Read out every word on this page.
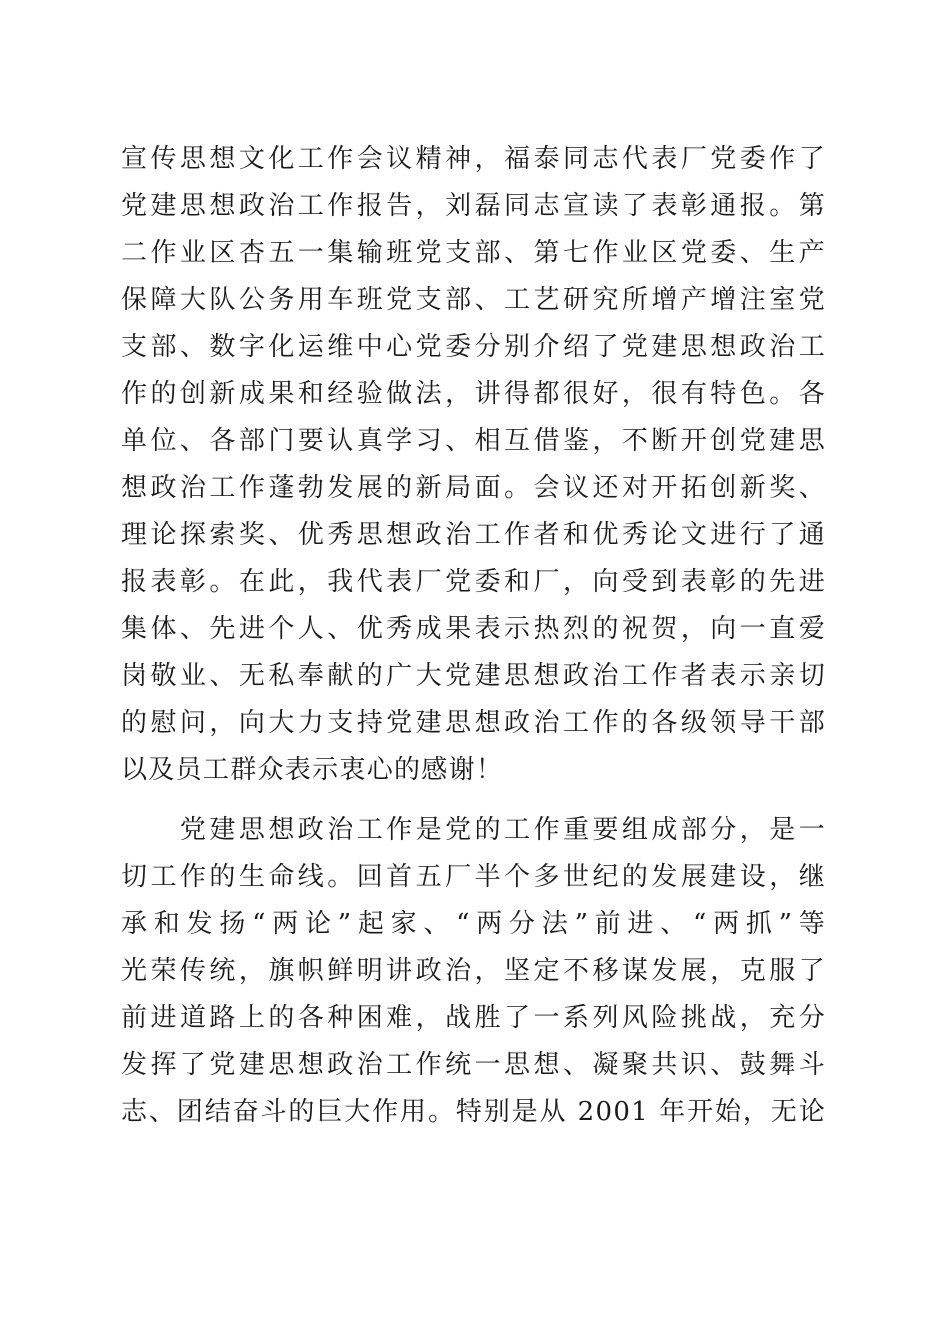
宣传思想文化工作会议精神，福泰同志代表厂党委作了
党建思想政治工作报告，刘磊同志宣读了表彰通报。第
二作业区杏五一集输班党支部、第七作业区党委、生产
保障大队公务用车班党支部、工艺研究所增产增注室党
支部、数字化运维中心党委分别介绍了党建思想政治工
作的创新成果和经验做法，讲得都很好，很有特色。各
单位、各部门要认真学习、相互借鉴，不断开创党建思
想政治工作蓬勃发展的新局面。会议还对开拓创新奖、
理论探索奖、优秀思想政治工作者和优秀论文进行了通
报表彰。在此，我代表厂党委和厂，向受到表彰的先进
集体、先进个人、优秀成果表示热烈的祝贺，向一直爱
岗敬业、无私奉献的广大党建思想政治工作者表示亲切
的慰问，向大力支持党建思想政治工作的各级领导干部
以及员工群众表示衷心的感谢！
　　党建思想政治工作是党的工作重要组成部分，是一
切工作的生命线。回首五厂半个多世纪的发展建设，继
承和发扬“两论”起家、“两分法”前进、“两抓”等
光荣传统，旗帜鲜明讲政治，坚定不移谋发展，克服了
前进道路上的各种困难，战胜了一系列风险挑战，充分
发挥了党建思想政治工作统一思想、凝聚共识、鼓舞斗
志、团结奋斗的巨大作用。特别是从 2001 年开始，无论
